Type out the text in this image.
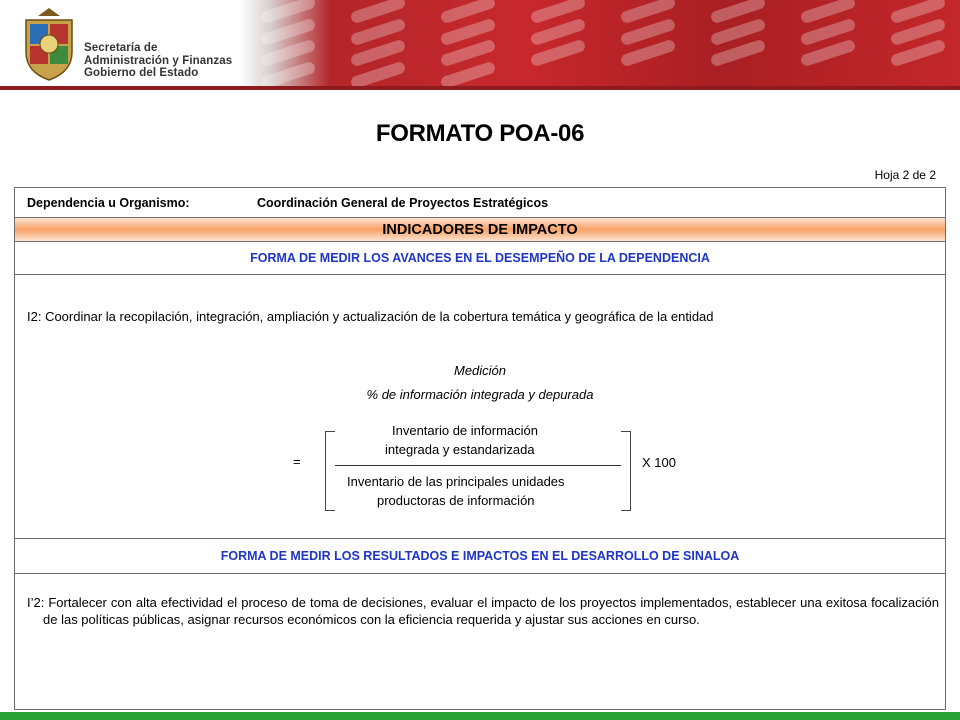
Secretaría de
Administración y Finanzas
Gobierno del Estado
FORMATO POA-06
Hoja 2 de 2
Dependencia u Organismo:	Coordinación General de Proyectos Estratégicos
INDICADORES DE IMPACTO
FORMA DE MEDIR LOS AVANCES EN EL DESEMPEÑO DE LA DEPENDENCIA
I2: Coordinar la recopilación, integración, ampliación y actualización de la cobertura temática y geográfica de la entidad
Medición
% de información integrada y depurada
=
Inventario de información
integrada y estandarizada
Inventario de las principales unidades
productoras de información
X 100
FORMA DE MEDIR LOS RESULTADOS E IMPACTOS EN EL DESARROLLO DE SINALOA
I’2: Fortalecer con alta efectividad el proceso de toma de decisiones, evaluar el impacto de los proyectos implementados, establecer una exitosa focalización de las políticas públicas, asignar recursos económicos con la eficiencia requerida y ajustar sus acciones en curso.
